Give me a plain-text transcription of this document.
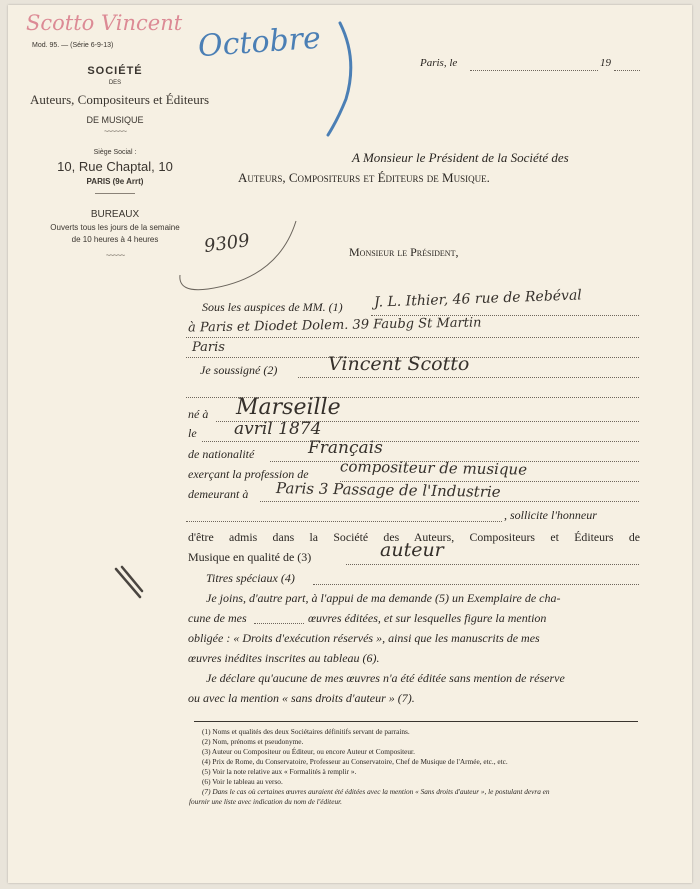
Scotto Vincent Octobre
Mod. 95. — (Série 6-9-13)
SOCIÉTÉ
DES
Auteurs, Compositeurs et Éditeurs
DE MUSIQUE
~~~~~~
Siège Social :
10, Rue Chaptal, 10
PARIS (9e Arrt)
BUREAUX
Ouverts tous les jours de la semaine
de 10 heures à 4 heures
~~~~~
Paris, le	19
A Monsieur le Président de la Société des
Auteurs, Compositeurs et Éditeurs de Musique.
9309	Monsieur le Président,
Sous les auspices de MM. (1) J. L. Ithier, 46 rue de Rebéval
à Paris et Diodet Dolem. 39 Faubg St Martin
Paris
Je soussigné (2)	Vincent Scotto
né à Marseille
le avril 1874
de nationalité	Français
exerçant la profession de compositeur de musique
demeurant à Paris 3 Passage de l'Industrie
, sollicite l'honneur
d'être admis dans la Société des Auteurs, Compositeurs et Éditeurs de
Musique en qualité de (3)	auteur
Titres spéciaux (4)
Je joins, d'autre part, à l'appui de ma demande (5) un Exemplaire de cha-
cune de mes	œuvres éditées, et sur lesquelles figure la mention
obligée : « Droits d'exécution réservés », ainsi que les manuscrits de mes
œuvres inédites inscrites au tableau (6).
Je déclare qu'aucune de mes œuvres n'a été éditée sans mention de réserve
ou avec la mention « sans droits d'auteur » (7).
(1) Noms et qualités des deux Sociétaires définitifs servant de parrains.
(2) Nom, prénoms et pseudonyme.
(3) Auteur ou Compositeur ou Éditeur, ou encore Auteur et Compositeur.
(4) Prix de Rome, du Conservatoire, Professeur au Conservatoire, Chef de Musique de l'Armée, etc., etc.
(5) Voir la note relative aux « Formalités à remplir ».
(6) Voir le tableau au verso.
(7) Dans le cas où certaines œuvres auraient été éditées avec la mention « Sans droits d'auteur », le postulant devra en
fournir une liste avec indication du nom de l'éditeur.
